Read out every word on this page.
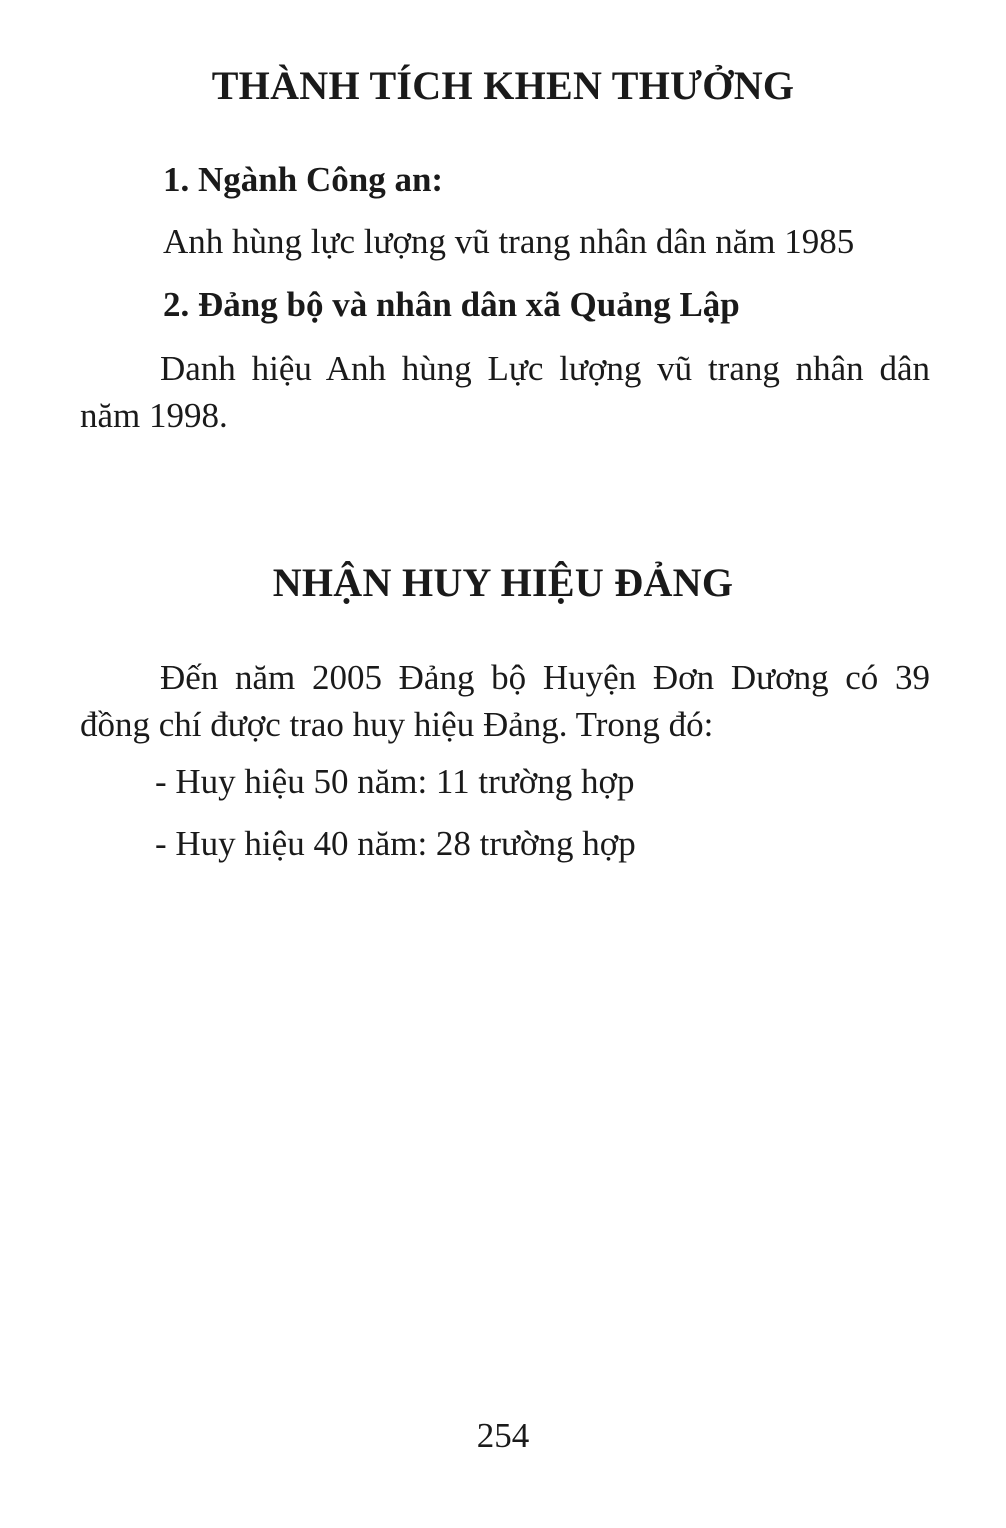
THÀNH TÍCH KHEN THƯỞNG
1. Ngành Công an:
Anh hùng lực lượng vũ trang nhân dân năm 1985
2. Đảng bộ và nhân dân xã Quảng Lập
Danh hiệu Anh hùng Lực lượng vũ trang nhân dân năm 1998.
NHẬN HUY HIỆU ĐẢNG
Đến năm 2005 Đảng bộ Huyện Đơn Dương có 39 đồng chí được trao huy hiệu Đảng. Trong đó:
- Huy hiệu 50 năm: 11 trường hợp
- Huy hiệu 40 năm: 28 trường hợp
254
